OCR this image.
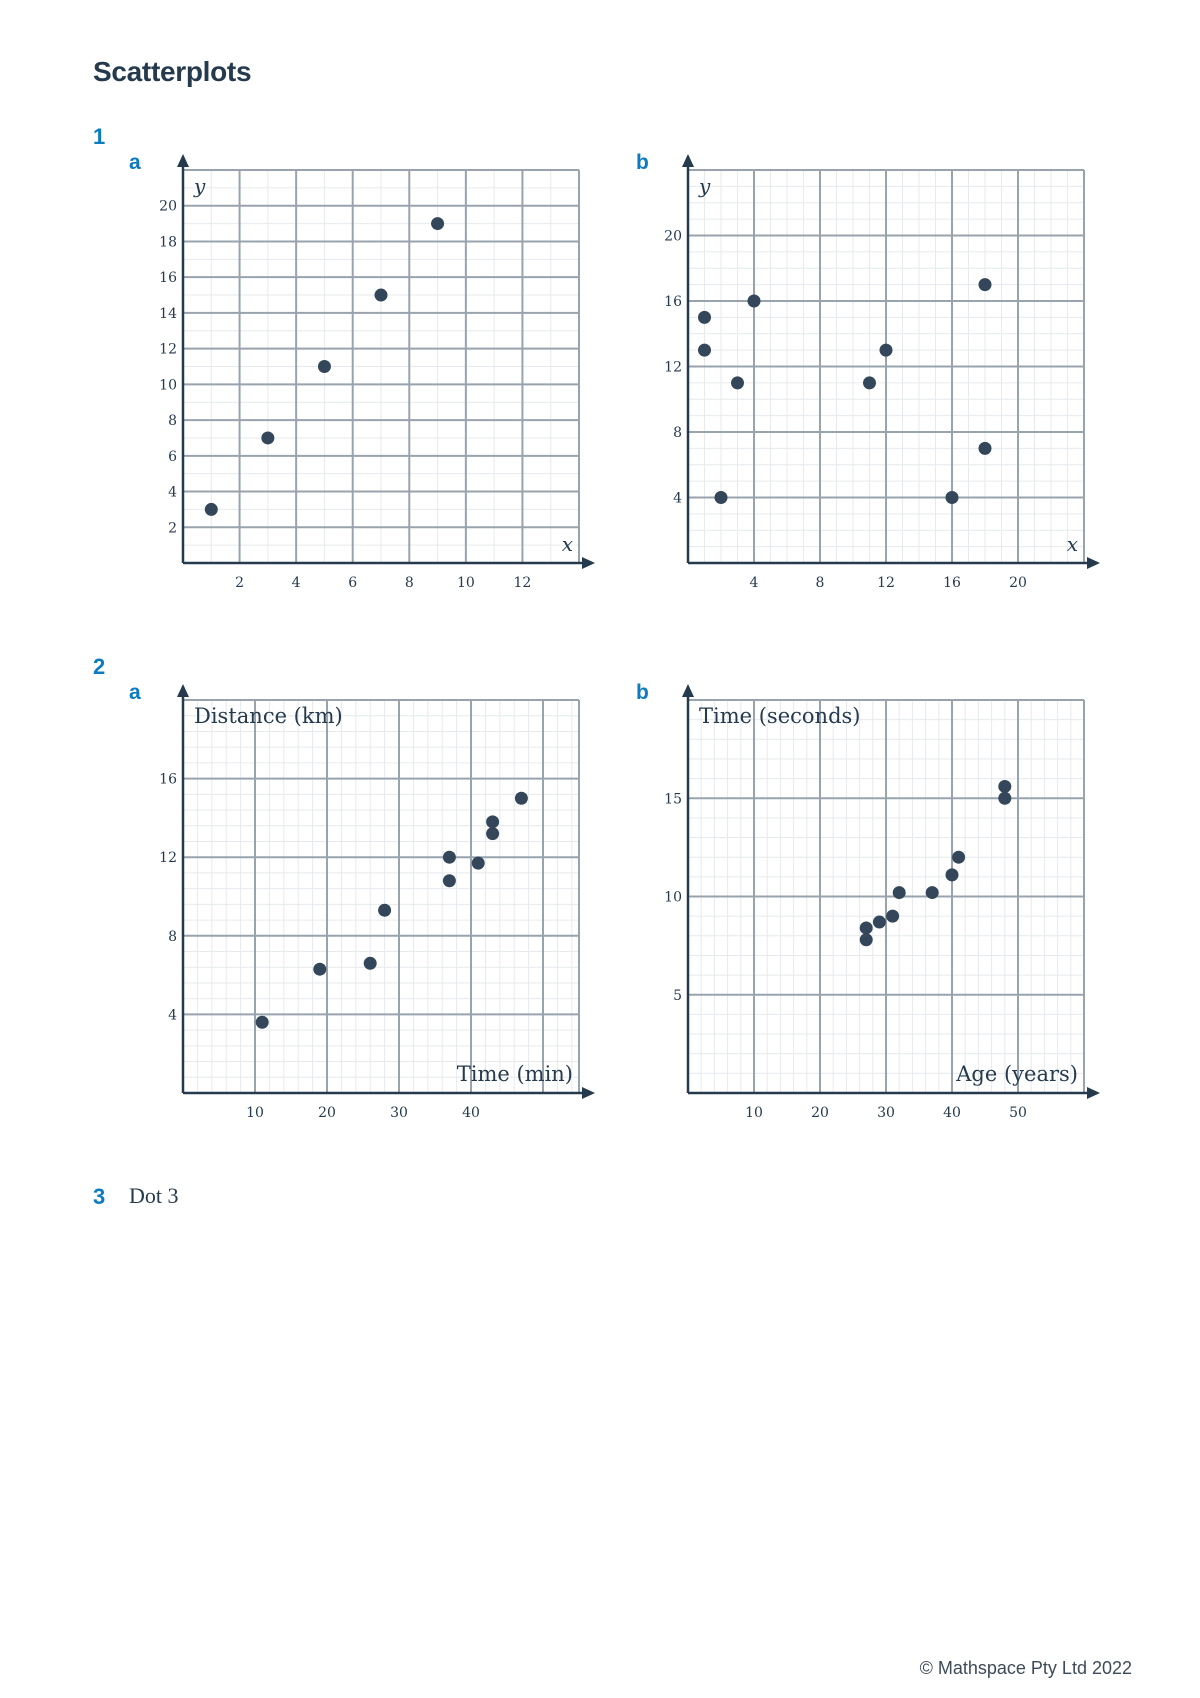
Scatterplots
1
a	b
2	4	6	8	10	12
2
4
6
8
10
12
14
16
18
20
x
y
4	8	12	16	20
4
8
12
16
20
x
y
2
a	b
10	20	30	40
4
8
12
16
Time (min)
Distance (km)
10	20	30	40	50
5
10
15
Age (years)
Time (seconds)
3 Dot 3
© Mathspace Pty Ltd 2022
